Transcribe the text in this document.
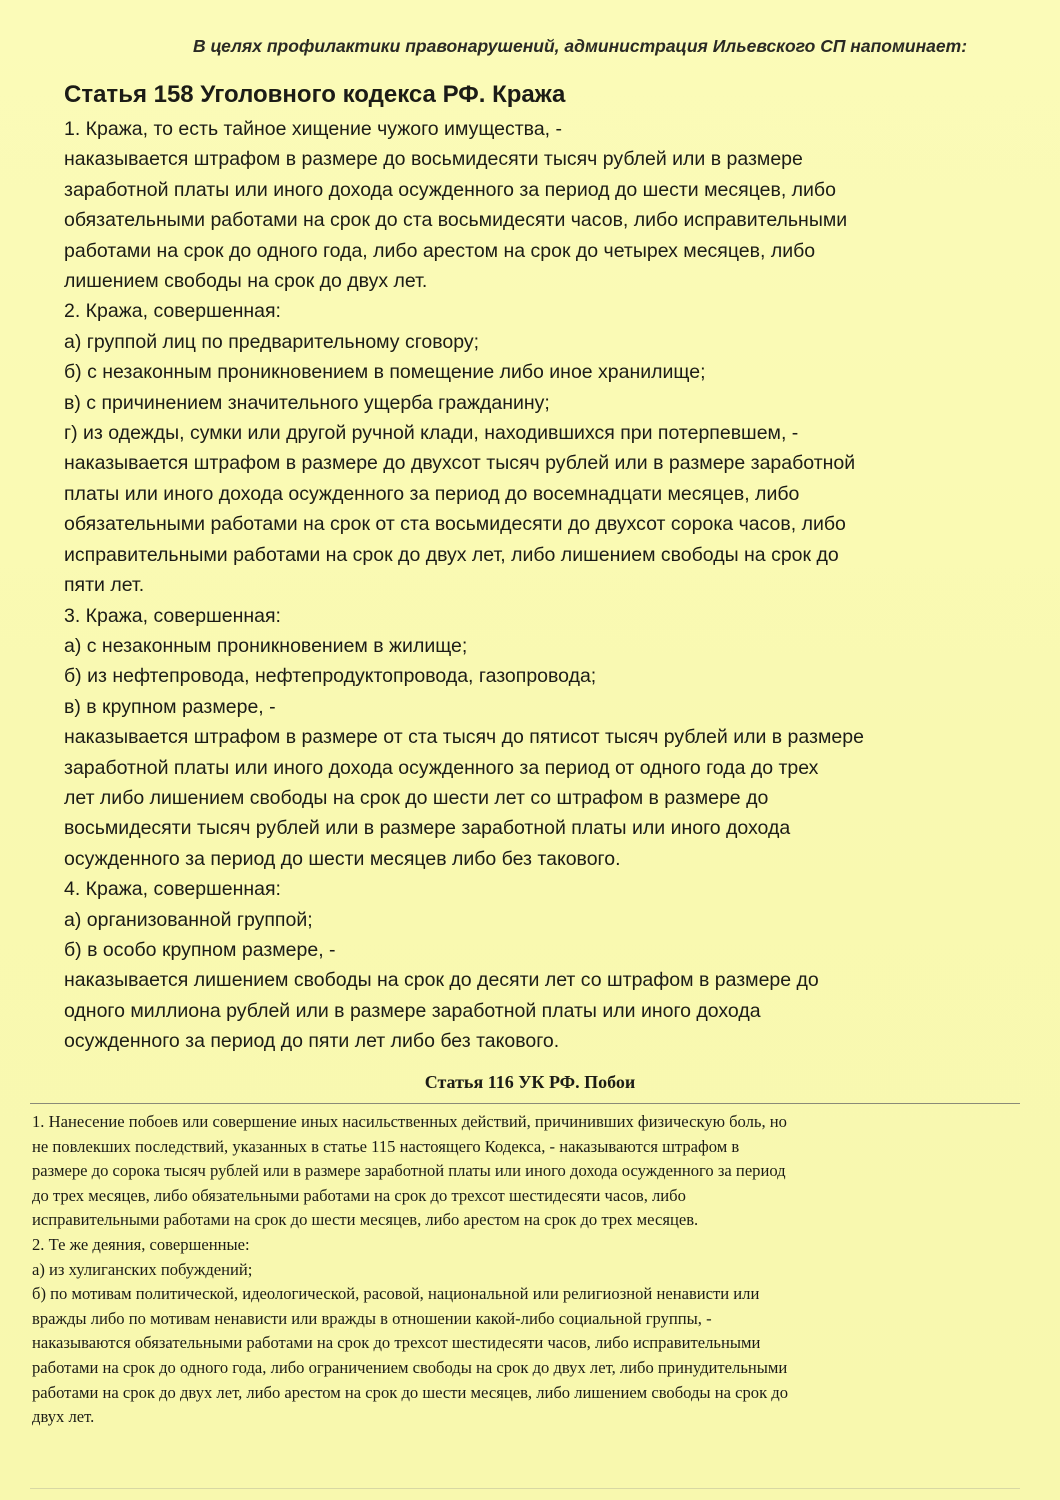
В целях профилактики правонарушений, администрация Ильевского СП напоминает:
Статья 158 Уголовного кодекса РФ. Кража
1. Кража, то есть тайное хищение чужого имущества, -
наказывается штрафом в размере до восьмидесяти тысяч рублей или в размере
заработной платы или иного дохода осужденного за период до шести месяцев, либо
обязательными работами на срок до ста восьмидесяти часов, либо исправительными
работами на срок до одного года, либо арестом на срок до четырех месяцев, либо
лишением свободы на срок до двух лет.
2. Кража, совершенная:
а) группой лиц по предварительному сговору;
б) с незаконным проникновением в помещение либо иное хранилище;
в) с причинением значительного ущерба гражданину;
г) из одежды, сумки или другой ручной клади, находившихся при потерпевшем, -
наказывается штрафом в размере до двухсот тысяч рублей или в размере заработной
платы или иного дохода осужденного за период до восемнадцати месяцев, либо
обязательными работами на срок от ста восьмидесяти до двухсот сорока часов, либо
исправительными работами на срок до двух лет, либо лишением свободы на срок до
пяти лет.
3. Кража, совершенная:
а) с незаконным проникновением в жилище;
б) из нефтепровода, нефтепродуктопровода, газопровода;
в) в крупном размере, -
наказывается штрафом в размере от ста тысяч до пятисот тысяч рублей или в размере
заработной платы или иного дохода осужденного за период от одного года до трех
лет либо лишением свободы на срок до шести лет со штрафом в размере до
восьмидесяти тысяч рублей или в размере заработной платы или иного дохода
осужденного за период до шести месяцев либо без такового.
4. Кража, совершенная:
а) организованной группой;
б) в особо крупном размере, -
наказывается лишением свободы на срок до десяти лет со штрафом в размере до
одного миллиона рублей или в размере заработной платы или иного дохода
осужденного за период до пяти лет либо без такового.
Статья 116 УК РФ. Побои
1. Нанесение побоев или совершение иных насильственных действий, причинивших физическую боль, но
не повлекших последствий, указанных в статье 115 настоящего Кодекса, - наказываются штрафом в
размере до сорока тысяч рублей или в размере заработной платы или иного дохода осужденного за период
до трех месяцев, либо обязательными работами на срок до трехсот шестидесяти часов, либо
исправительными работами на срок до шести месяцев, либо арестом на срок до трех месяцев.
2. Те же деяния, совершенные:
а) из хулиганских побуждений;
б) по мотивам политической, идеологической, расовой, национальной или религиозной ненависти или
вражды либо по мотивам ненависти или вражды в отношении какой-либо социальной группы, -
наказываются обязательными работами на срок до трехсот шестидесяти часов, либо исправительными
работами на срок до одного года, либо ограничением свободы на срок до двух лет, либо принудительными
работами на срок до двух лет, либо арестом на срок до шести месяцев, либо лишением свободы на срок до
двух лет.
